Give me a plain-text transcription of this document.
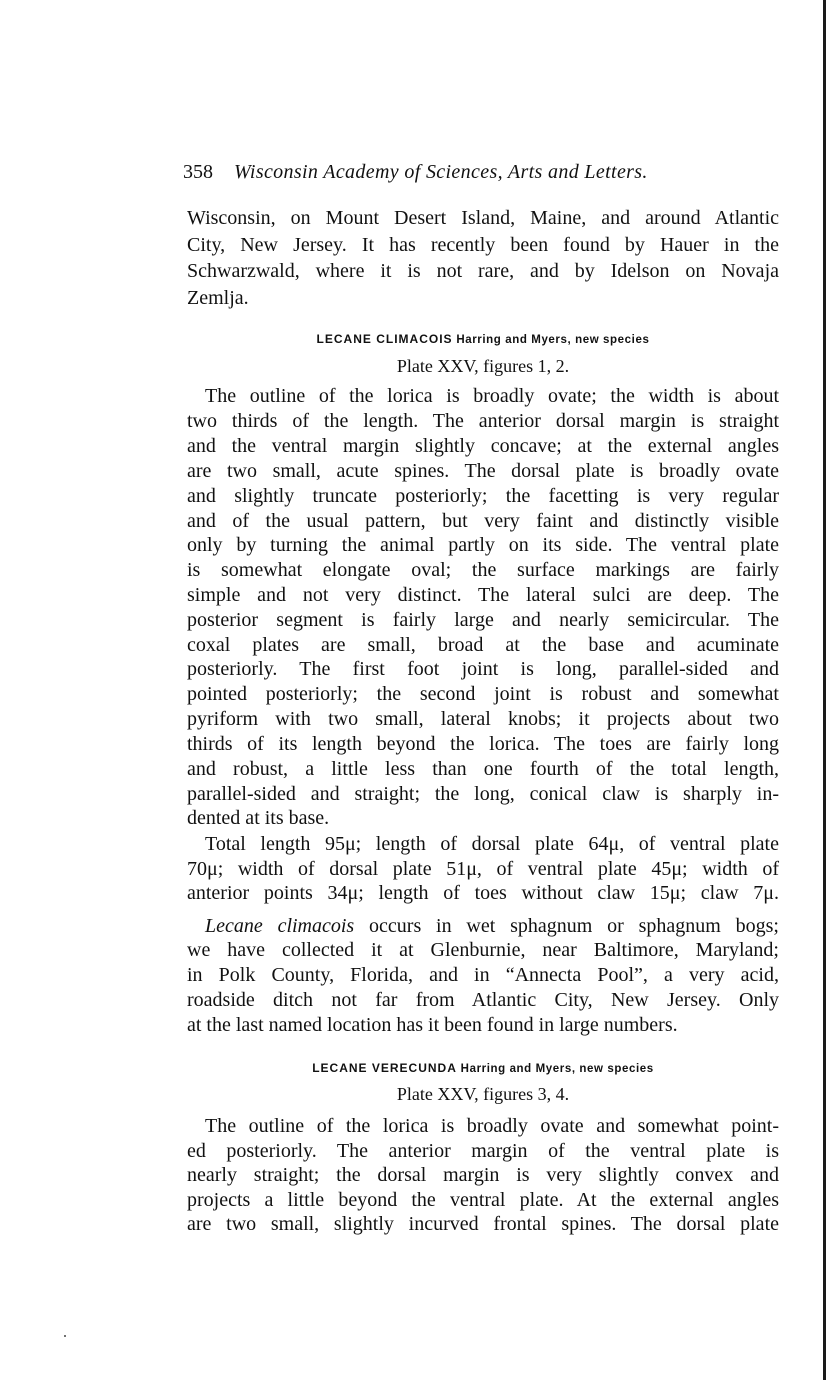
358 Wisconsin Academy of Sciences, Arts and Letters.
Wisconsin, on Mount Desert Island, Maine, and around Atlantic
City, New Jersey. It has recently been found by Hauer in the
Schwarzwald, where it is not rare, and by Idelson on Novaja
Zemlja.
LECANE CLIMACOIS Harring and Myers, new species
Plate XXV, figures 1, 2.
The outline of the lorica is broadly ovate; the width is about
two thirds of the length. The anterior dorsal margin is straight
and the ventral margin slightly concave; at the external angles
are two small, acute spines. The dorsal plate is broadly ovate
and slightly truncate posteriorly; the facetting is very regular
and of the usual pattern, but very faint and distinctly visible
only by turning the animal partly on its side. The ventral plate
is somewhat elongate oval; the surface markings are fairly
simple and not very distinct. The lateral sulci are deep. The
posterior segment is fairly large and nearly semicircular. The
coxal plates are small, broad at the base and acuminate
posteriorly. The first foot joint is long, parallel-sided and
pointed posteriorly; the second joint is robust and somewhat
pyriform with two small, lateral knobs; it projects about two
thirds of its length beyond the lorica. The toes are fairly long
and robust, a little less than one fourth of the total length,
parallel-sided and straight; the long, conical claw is sharply in-
dented at its base.
Total length 95μ; length of dorsal plate 64μ, of ventral plate
70μ; width of dorsal plate 51μ, of ventral plate 45μ; width of
anterior points 34μ; length of toes without claw 15μ; claw 7μ.
Lecane climacois occurs in wet sphagnum or sphagnum bogs;
we have collected it at Glenburnie, near Baltimore, Maryland;
in Polk County, Florida, and in “Annecta Pool”, a very acid,
roadside ditch not far from Atlantic City, New Jersey. Only
at the last named location has it been found in large numbers.
LECANE VERECUNDA Harring and Myers, new species
Plate XXV, figures 3, 4.
The outline of the lorica is broadly ovate and somewhat point-
ed posteriorly. The anterior margin of the ventral plate is
nearly straight; the dorsal margin is very slightly convex and
projects a little beyond the ventral plate. At the external angles
are two small, slightly incurved frontal spines. The dorsal plate
